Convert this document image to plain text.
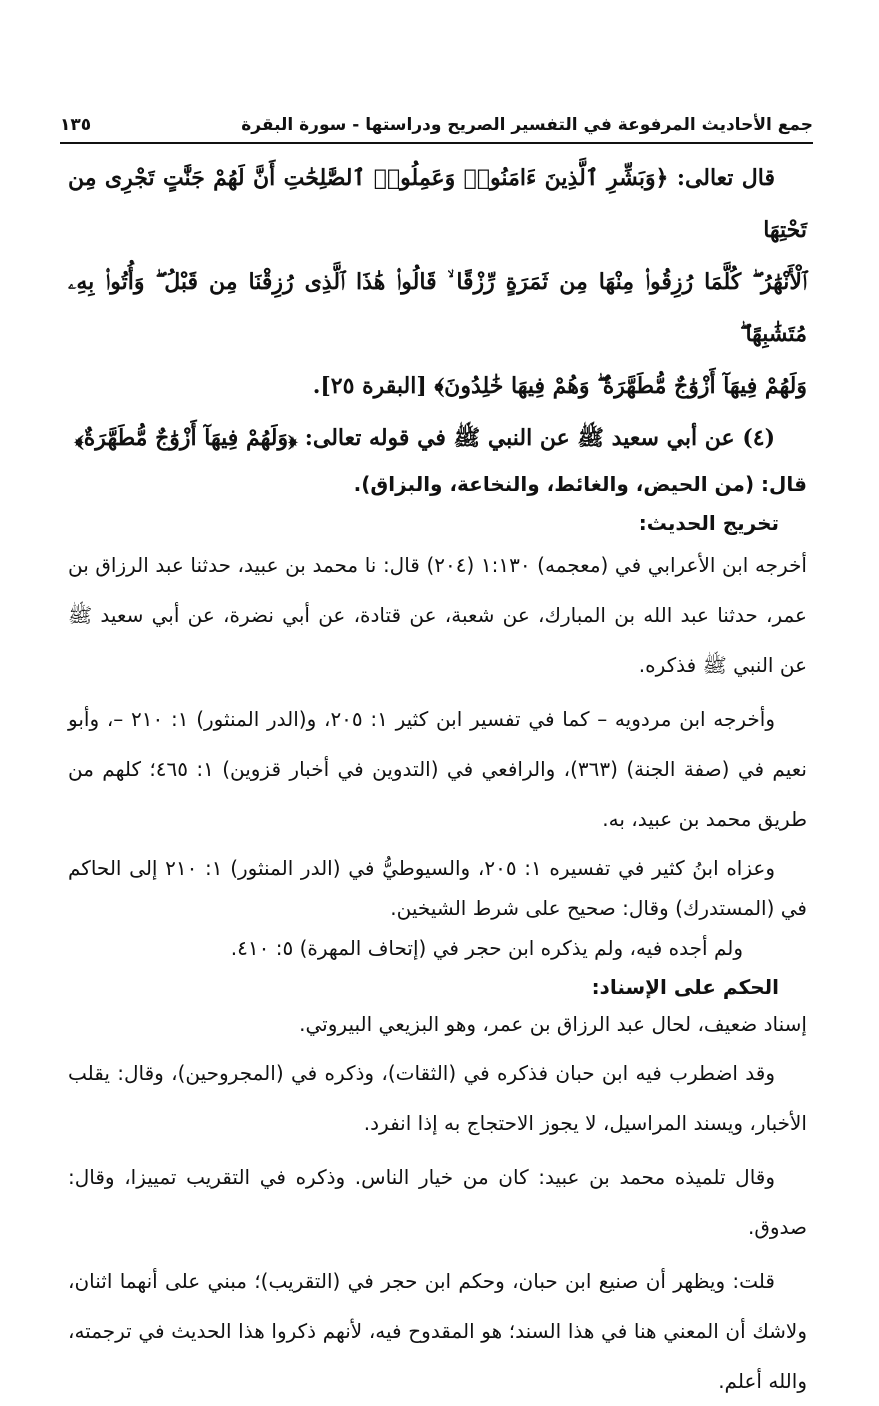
جمع الأحاديث المرفوعة في التفسير الصريح ودراستها - سورة البقرة
١٣٥

قال تعالى: ﴿وَبَشِّرِ ٱلَّذِينَ ءَامَنُوا۟ وَعَمِلُوا۟ ٱلصَّٰلِحَٰتِ أَنَّ لَهُمْ جَنَّٰتٍ تَجْرِى مِن تَحْتِهَا

ٱلْأَنْهَٰرُ ۖ كُلَّمَا رُزِقُوا۟ مِنْهَا مِن ثَمَرَةٍ رِّزْقًا ۙ قَالُوا۟ هَٰذَا ٱلَّذِى رُزِقْنَا مِن قَبْلُ ۖ وَأُتُوا۟ بِهِۦ مُتَشَٰبِهًا ۖ

وَلَهُمْ فِيهَآ أَزْوَٰجٌ مُّطَهَّرَةٌ ۖ وَهُمْ فِيهَا خَٰلِدُونَ﴾ [البقرة ٢٥].

(٤) عن أبي سعيد ﷺ عن النبي ﷺ في قوله تعالى: ﴿وَلَهُمْ فِيهَآ أَزْوَٰجٌ مُّطَهَّرَةٌ﴾

قال: (من الحيض، والغائط، والنخاعة، والبزاق).

تخريج الحديث:

أخرجه ابن الأعرابي في (معجمه) ١:١٣٠ (٢٠٤) قال: نا محمد بن عبيد، حدثنا عبد الرزاق بن عمر، حدثنا عبد الله بن المبارك، عن شعبة، عن قتادة، عن أبي نضرة، عن أبي سعيد ﷺ عن النبي ﷺ فذكره.

وأخرجه ابن مردويه – كما في تفسير ابن كثير ١: ٢٠٥، و(الدر المنثور) ١: ٢١٠ –، وأبو نعيم في (صفة الجنة) (٣٦٣)، والرافعي في (التدوين في أخبار قزوين) ١: ٤٦٥؛ كلهم من طريق محمد بن عبيد، به.

وعزاه ابنُ كثير في تفسيره ١: ٢٠٥، والسيوطيُّ في (الدر المنثور) ١: ٢١٠ إلى الحاكم في (المستدرك) وقال: صحيح على شرط الشيخين.

ولم أجده فيه، ولم يذكره ابن حجر في (إتحاف المهرة) ٥: ٤١٠.

الحكم على الإسناد:

إسناد ضعيف، لحال عبد الرزاق بن عمر، وهو البزيعي البيروتي.

وقد اضطرب فيه ابن حبان فذكره في (الثقات)، وذكره في (المجروحين)، وقال: يقلب الأخبار، ويسند المراسيل، لا يجوز الاحتجاج به إذا انفرد.

وقال تلميذه محمد بن عبيد: كان من خيار الناس. وذكره في التقريب تمييزا، وقال: صدوق.

قلت: ويظهر أن صنيع ابن حبان، وحكم ابن حجر في (التقريب)؛ مبني على أنهما اثنان، ولاشك أن المعني هنا في هذا السند؛ هو المقدوح فيه، لأنهم ذكروا هذا الحديث في ترجمته، والله أعلم.
